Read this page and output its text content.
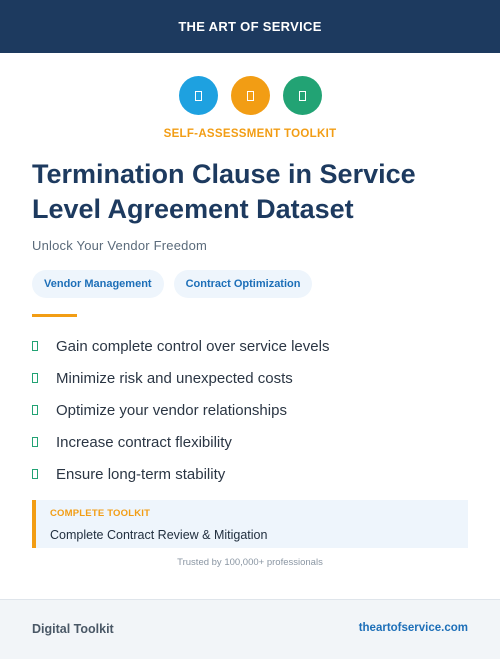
THE ART OF SERVICE
SELF-ASSESSMENT TOOLKIT
Termination Clause in Service Level Agreement Dataset
Unlock Your Vendor Freedom
Vendor Management	Contract Optimization
Gain complete control over service levels
Minimize risk and unexpected costs
Optimize your vendor relationships
Increase contract flexibility
Ensure long-term stability
COMPLETE TOOLKIT
Complete Contract Review & Mitigation
Trusted by 100,000+ professionals
Digital Toolkit	theartofservice.com
